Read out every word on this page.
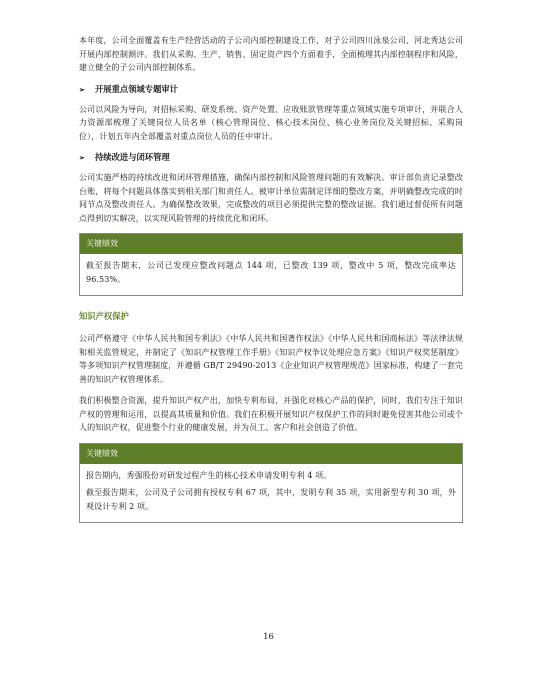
本年度，公司全面覆盖有生产经营活动的子公司内部控制建设工作，对子公司四川泳泉公司、河北秀达公司开展内部控制测评。我们从采购、生产、销售、固定资产四个方面着手，全面梳理其内部控制程序和风险，建立健全的子公司内部控制体系。

➢	开展重点领域专题审计

公司以风险为导向，对招标采购、研发系统、资产处置、应收账款管理等重点领域实施专项审计，并联合人力资源部梳理了关键岗位人员名单（核心管理岗位、核心技术岗位、核心业务岗位及关键招标、采购岗位），计划五年内全部覆盖对重点岗位人员的任中审计。

➢	持续改进与闭环管理

公司实施严格的持续改进和闭环管理措施，确保内部控制和风险管理问题的有效解决。审计部负责记录整改台账，将每个问题具体落实到相关部门和责任人。被审计单位需制定详细的整改方案，并明确整改完成的时间节点及整改责任人。为确保整改效果，完成整改的项目必须提供完整的整改证据。我们通过督促所有问题点得到切实解决，以实现风险管理的持续优化和闭环。

关键绩效

截至报告期末，公司已发现应整改问题点 144 项，已整改 139 项，整改中 5 项，整改完成率达 96.53%。

知识产权保护

公司严格遵守《中华人民共和国专利法》《中华人民共和国著作权法》《中华人民共和国商标法》等法律法规和相关监管规定，并制定了《知识产权管理工作手册》《知识产权争议处理应急方案》《知识产权奖惩制度》等多项知识产权管理制度，并遵循 GB/T 29490-2013《企业知识产权管理规范》国家标准，构建了一套完善的知识产权管理体系。

我们积极整合资源，提升知识产权产出，加快专利布局，并强化对核心产品的保护，同时，我们专注于知识产权的管理和运用，以提高其质量和价值。我们在积极开展知识产权保护工作的同时避免侵害其他公司或个人的知识产权，促进整个行业的健康发展，并为员工、客户和社会创造了价值。

关键绩效

报告期内，秀强股份对研发过程产生的核心技术申请发明专利 4 项。

截至报告期末，公司及子公司拥有授权专利 67 项，其中，发明专利 35 项，实用新型专利 30 项，外观设计专利 2 项。

16
